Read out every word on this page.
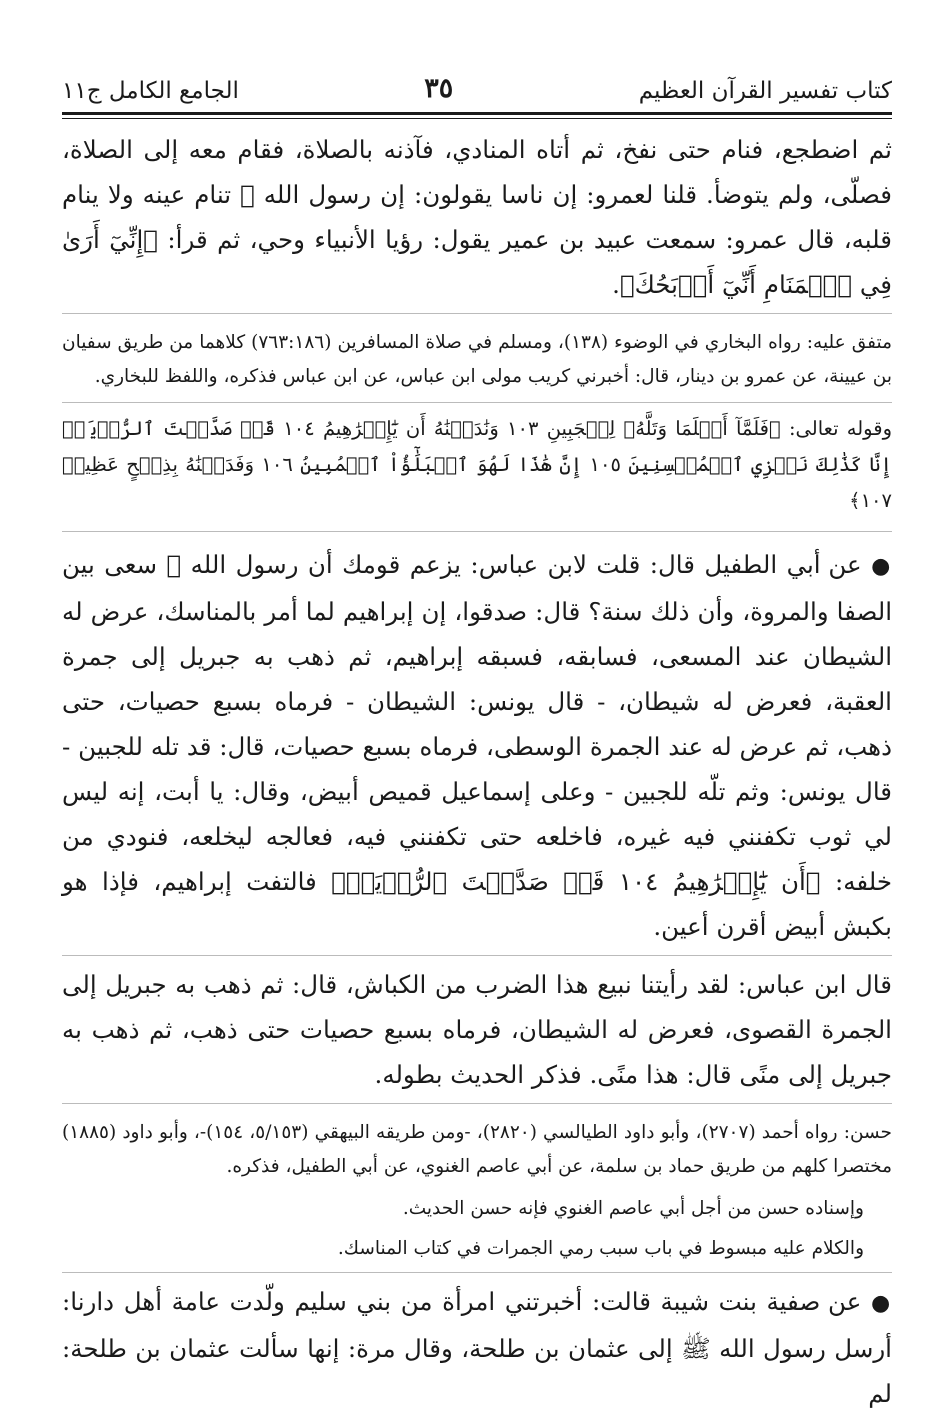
كتاب تفسير القرآن العظيم
٣٥
الجامع الكامل ج١١

ثم اضطجع، فنام حتى نفخ، ثم أتاه المنادي، فآذنه بالصلاة، فقام معه إلى الصلاة، فصلّى، ولم يتوضأ. قلنا لعمرو: إن ناسا يقولون: إن رسول الله ﷺ تنام عينه ولا ينام قلبه، قال عمرو: سمعت عبيد بن عمير يقول: رؤيا الأنبياء وحي، ثم قرأ: ﴿إِنِّيٓ أَرَىٰ فِي ٱلۡمَنَامِ أَنِّيٓ أَذۡبَحُكَ﴾.

متفق عليه: رواه البخاري في الوضوء (١٣٨)، ومسلم في صلاة المسافرين (٧٦٣:١٨٦) كلاهما من طريق سفيان بن عيينة، عن عمرو بن دينار، قال: أخبرني كريب مولى ابن عباس، عن ابن عباس فذكره، واللفظ للبخاري.

وقوله تعالى: ﴿فَلَمَّآ أَسۡلَمَا وَتَلَّهُۥ لِلۡجَبِينِ ١٠٣ وَنَٰدَيۡنَٰهُ أَن يَٰٓإِبۡرَٰهِيمُ ١٠٤ قَدۡ صَدَّقۡتَ ٱلرُّءۡيَآۚ إِنَّا كَذَٰلِكَ نَجۡزِي ٱلۡمُحۡسِنِينَ ١٠٥ إِنَّ هَٰذَا لَهُوَ ٱلۡبَلَٰٓؤُاْ ٱلۡمُبِينُ ١٠٦ وَفَدَيۡنَٰهُ بِذِبۡحٍ عَظِيمٖ ١٠٧﴾

● عن أبي الطفيل قال: قلت لابن عباس: يزعم قومك أن رسول الله ﷺ سعى بين الصفا والمروة، وأن ذلك سنة؟ قال: صدقوا، إن إبراهيم لما أمر بالمناسك، عرض له الشيطان عند المسعى، فسابقه، فسبقه إبراهيم، ثم ذهب به جبريل إلى جمرة العقبة، فعرض له شيطان، - قال يونس: الشيطان - فرماه بسبع حصيات، حتى ذهب، ثم عرض له عند الجمرة الوسطى، فرماه بسبع حصيات، قال: قد تله للجبين - قال يونس: وثم تلّه للجبين - وعلى إسماعيل قميص أبيض، وقال: يا أبت، إنه ليس لي ثوب تكفنني فيه غيره، فاخلعه حتى تكفنني فيه، فعالجه ليخلعه، فنودي من خلفه: ﴿أَن يَٰٓإِبۡرَٰهِيمُ ١٠٤ قَدۡ صَدَّقۡتَ ٱلرُّءۡيَآۚ﴾ فالتفت إبراهيم، فإذا هو بكبش أبيض أقرن أعين.

قال ابن عباس: لقد رأيتنا نبيع هذا الضرب من الكباش، قال: ثم ذهب به جبريل إلى الجمرة القصوى، فعرض له الشيطان، فرماه بسبع حصيات حتى ذهب، ثم ذهب به جبريل إلى منًى قال: هذا منًى. فذكر الحديث بطوله.

حسن: رواه أحمد (٢٧٠٧)، وأبو داود الطيالسي (٢٨٢٠)، -ومن طريقه البيهقي (٥/١٥٣، ١٥٤)-، وأبو داود (١٨٨٥) مختصرا كلهم من طريق حماد بن سلمة، عن أبي عاصم الغنوي، عن أبي الطفيل، فذكره.

وإسناده حسن من أجل أبي عاصم الغنوي فإنه حسن الحديث.

والكلام عليه مبسوط في باب سبب رمي الجمرات في كتاب المناسك.

● عن صفية بنت شيبة قالت: أخبرتني امرأة من بني سليم ولّدت عامة أهل دارنا: أرسل رسول الله ﷺ إلى عثمان بن طلحة، وقال مرة: إنها سألت عثمان بن طلحة: لم
